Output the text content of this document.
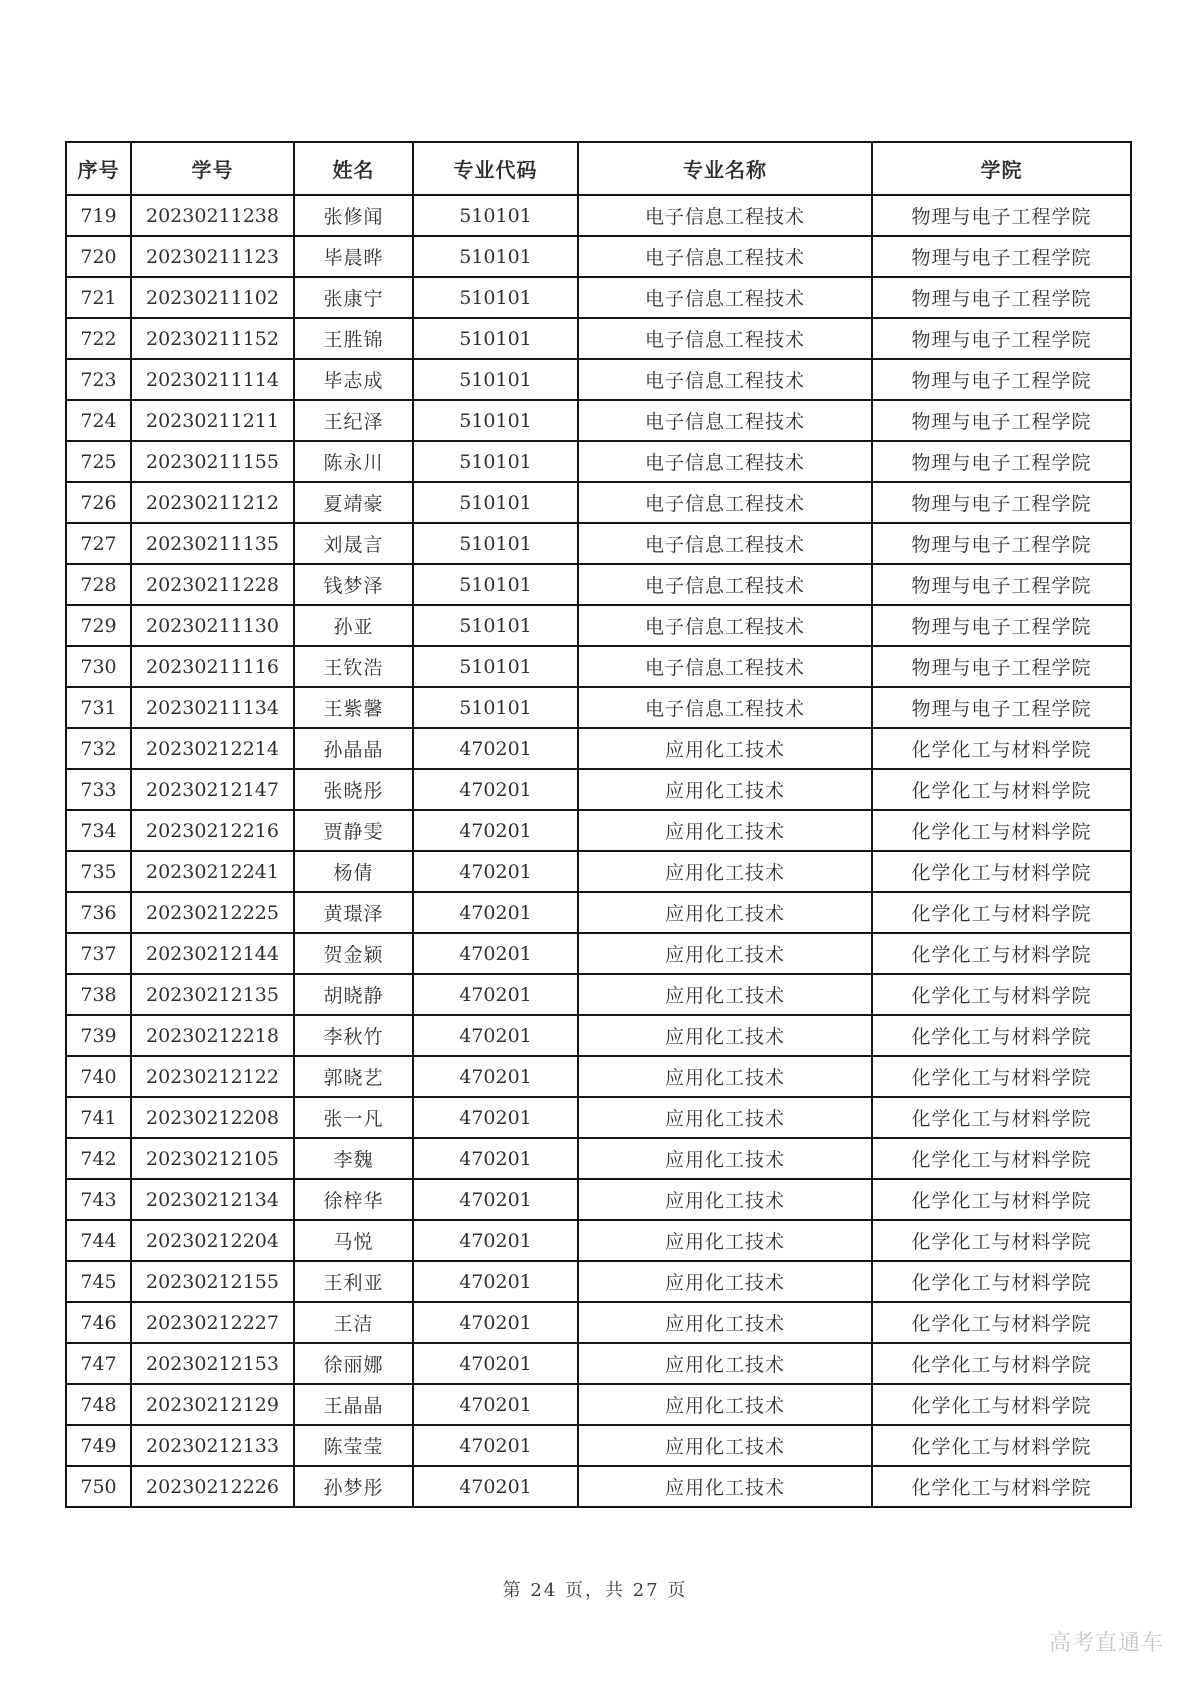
序号	学号	姓名	专业代码	专业名称	学院
719	20230211238	张修闻	510101	电子信息工程技术	物理与电子工程学院
720	20230211123	毕晨晔	510101	电子信息工程技术	物理与电子工程学院
721	20230211102	张康宁	510101	电子信息工程技术	物理与电子工程学院
722	20230211152	王胜锦	510101	电子信息工程技术	物理与电子工程学院
723	20230211114	毕志成	510101	电子信息工程技术	物理与电子工程学院
724	20230211211	王纪泽	510101	电子信息工程技术	物理与电子工程学院
725	20230211155	陈永川	510101	电子信息工程技术	物理与电子工程学院
726	20230211212	夏靖豪	510101	电子信息工程技术	物理与电子工程学院
727	20230211135	刘晟言	510101	电子信息工程技术	物理与电子工程学院
728	20230211228	钱梦泽	510101	电子信息工程技术	物理与电子工程学院
729	20230211130	孙亚	510101	电子信息工程技术	物理与电子工程学院
730	20230211116	王钦浩	510101	电子信息工程技术	物理与电子工程学院
731	20230211134	王紫馨	510101	电子信息工程技术	物理与电子工程学院
732	20230212214	孙晶晶	470201	应用化工技术	化学化工与材料学院
733	20230212147	张晓彤	470201	应用化工技术	化学化工与材料学院
734	20230212216	贾静雯	470201	应用化工技术	化学化工与材料学院
735	20230212241	杨倩	470201	应用化工技术	化学化工与材料学院
736	20230212225	黄璟泽	470201	应用化工技术	化学化工与材料学院
737	20230212144	贺金颖	470201	应用化工技术	化学化工与材料学院
738	20230212135	胡晓静	470201	应用化工技术	化学化工与材料学院
739	20230212218	李秋竹	470201	应用化工技术	化学化工与材料学院
740	20230212122	郭晓艺	470201	应用化工技术	化学化工与材料学院
741	20230212208	张一凡	470201	应用化工技术	化学化工与材料学院
742	20230212105	李魏	470201	应用化工技术	化学化工与材料学院
743	20230212134	徐梓华	470201	应用化工技术	化学化工与材料学院
744	20230212204	马悦	470201	应用化工技术	化学化工与材料学院
745	20230212155	王利亚	470201	应用化工技术	化学化工与材料学院
746	20230212227	王洁	470201	应用化工技术	化学化工与材料学院
747	20230212153	徐丽娜	470201	应用化工技术	化学化工与材料学院
748	20230212129	王晶晶	470201	应用化工技术	化学化工与材料学院
749	20230212133	陈莹莹	470201	应用化工技术	化学化工与材料学院
750	20230212226	孙梦彤	470201	应用化工技术	化学化工与材料学院
第 24 页，共 27 页
高考直通车
